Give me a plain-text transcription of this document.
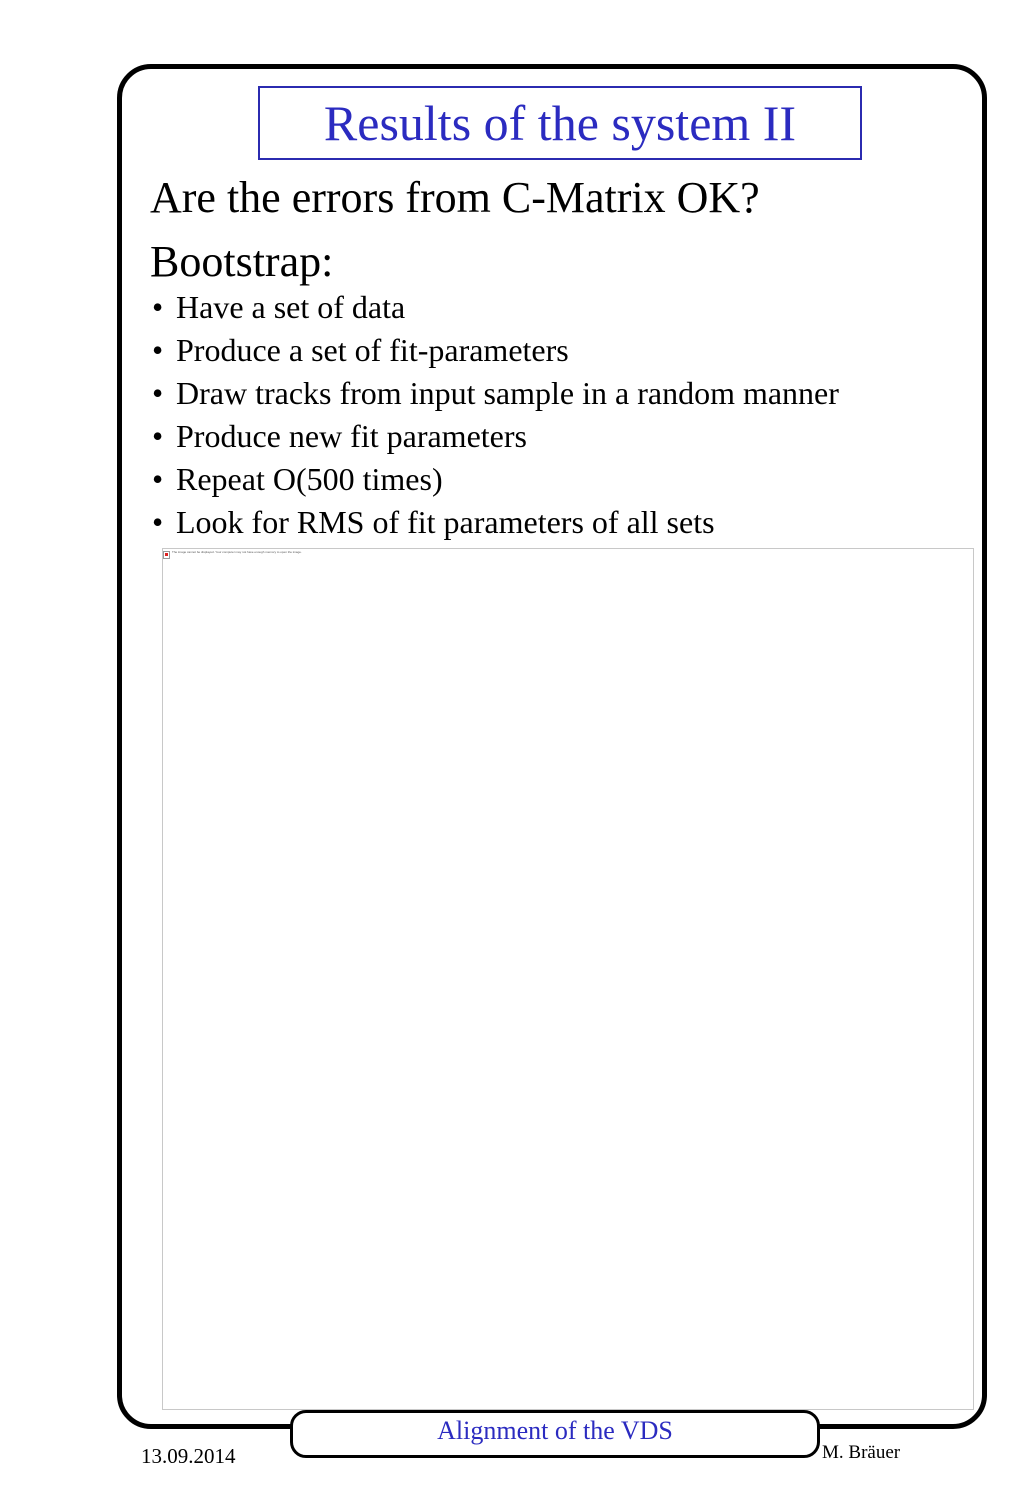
Results of the system II
Are the errors from C-Matrix OK?
Bootstrap:
• Have a set of data
• Produce a set of fit-parameters
• Draw tracks from input sample in a random manner
• Produce new fit parameters
• Repeat O(500 times)
• Look for RMS of fit parameters of all sets
The image cannot be displayed. Your computer may not have enough memory to open the image.
Alignment of the VDS
13.09.2014	M. Bräuer
